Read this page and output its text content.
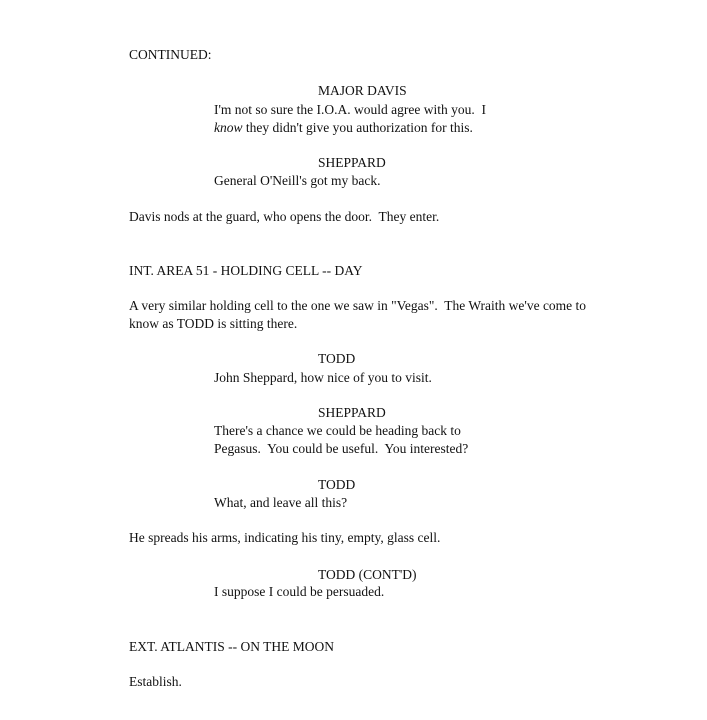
CONTINUED:
MAJOR DAVIS
I'm not so sure the I.O.A. would agree with you.  I
know they didn't give you authorization for this.
SHEPPARD
General O'Neill's got my back.
Davis nods at the guard, who opens the door.  They enter.
INT. AREA 51 - HOLDING CELL -- DAY
A very similar holding cell to the one we saw in "Vegas".  The Wraith we've come to
know as TODD is sitting there.
TODD
John Sheppard, how nice of you to visit.
SHEPPARD
There's a chance we could be heading back to
Pegasus.  You could be useful.  You interested?
TODD
What, and leave all this?
He spreads his arms, indicating his tiny, empty, glass cell.
TODD (CONT'D)
I suppose I could be persuaded.
EXT. ATLANTIS -- ON THE MOON
Establish.
